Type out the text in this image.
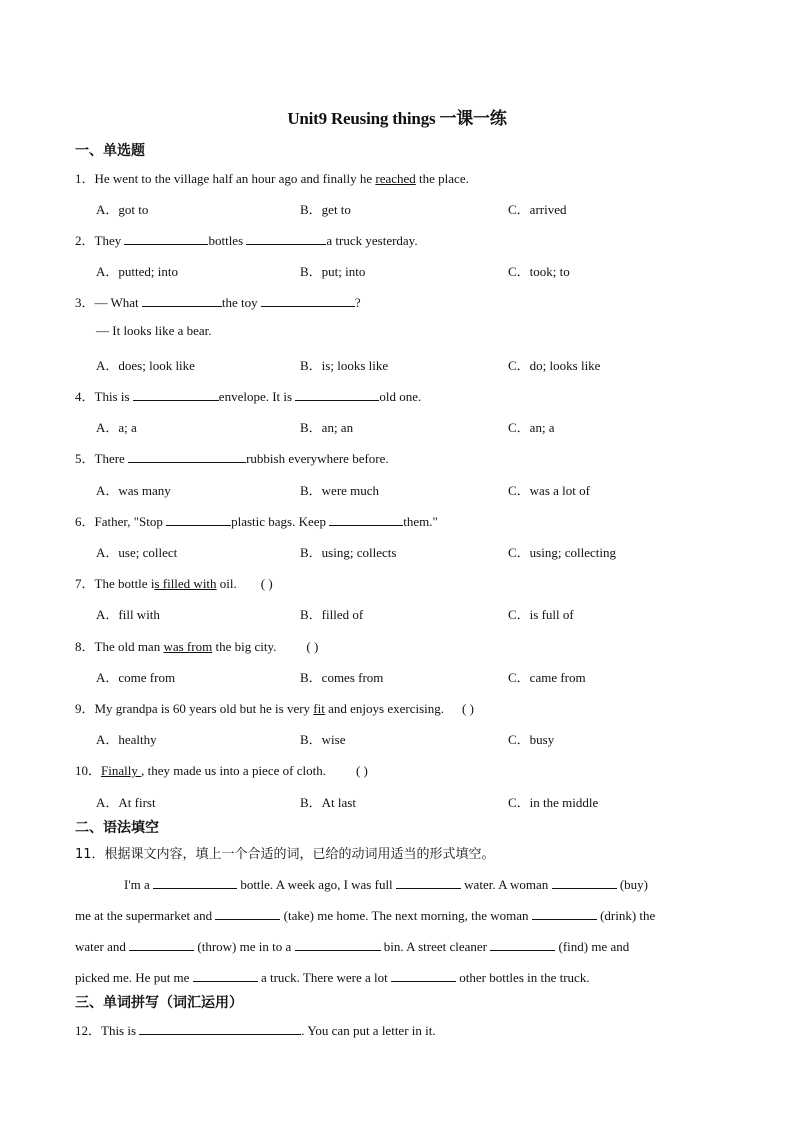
Unit9 Reusing things 一课一练
一、单选题
1．He went to the village half an hour ago and finally he reached the place.
A．got to	B．get to	C．arrived
2．They	bottles	a truck yesterday.
A．putted; into	B．put; into	C．took; to
3．— What	the toy	?
— It looks like a bear.
A．does; look like	B．is; looks like	C．do; looks like
4．This is	envelope. It is	old one.
A．a; a	B．an; an	C．an; a
5．There	rubbish everywhere before.
A．was many	B．were much	C．was a lot of
6．Father, "Stop	plastic bags. Keep	them."
A．use; collect	B．using; collects	C．using; collecting
7．The bottle is filled with oil. ( )
A．fill with	B．filled of	C．is full of
8．The old man was from the big city. ( )
A．come from	B．comes from	C．came from
9．My grandpa is 60 years old but he is very fit and enjoys exercising. ( )
A．healthy	B．wise	C．busy
10．Finally , they made us into a piece of cloth. ( )
A．At first	B．At last	C．in the middle
二、语法填空
11．根据课文内容，填上一个合适的词，已给的动词用适当的形式填空。
I'm a	bottle. A week ago, I was full	water. A woman	(buy)
me at the supermarket and	(take) me home. The next morning, the woman	(drink) the
water and	(throw) me in to a	bin. A street cleaner	(find) me and
picked me. He put me	a truck. There were a lot	other bottles in the truck.
三、单词拼写（词汇运用）
12．This is	. You can put a letter in it.
